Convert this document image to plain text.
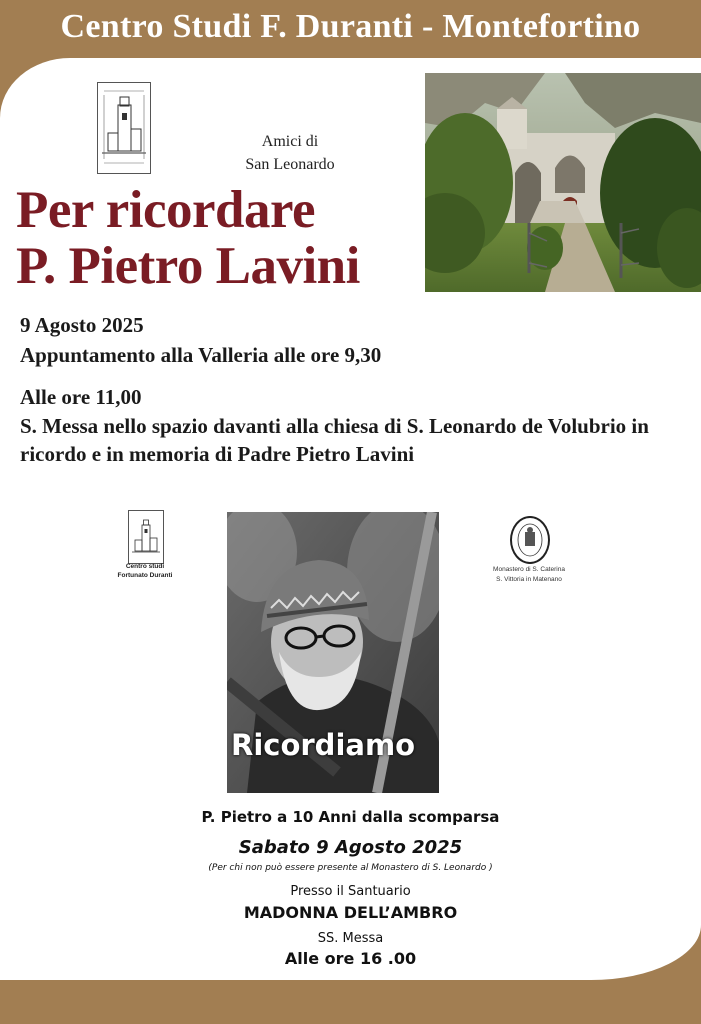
Centro Studi F. Duranti - Montefortino
Amici di
San Leonardo
Per ricordare
P. Pietro Lavini
9 Agosto 2025
Appuntamento alla Valleria alle ore 9,30
Alle ore 11,00
S. Messa nello spazio davanti alla chiesa di S. Leonardo de Volubrio in ricordo e in memoria di Padre Pietro Lavini
Centro studi
Fortunato Duranti
Ricordiamo
Monastero di S. Caterina
S. Vittoria in Matenano
P. Pietro a 10 Anni dalla scomparsa
Sabato 9 Agosto 2025
(Per chi non può essere presente al Monastero di S. Leonardo )
Presso il Santuario
MADONNA DELL’AMBRO
SS. Messa
Alle ore 16 .00
